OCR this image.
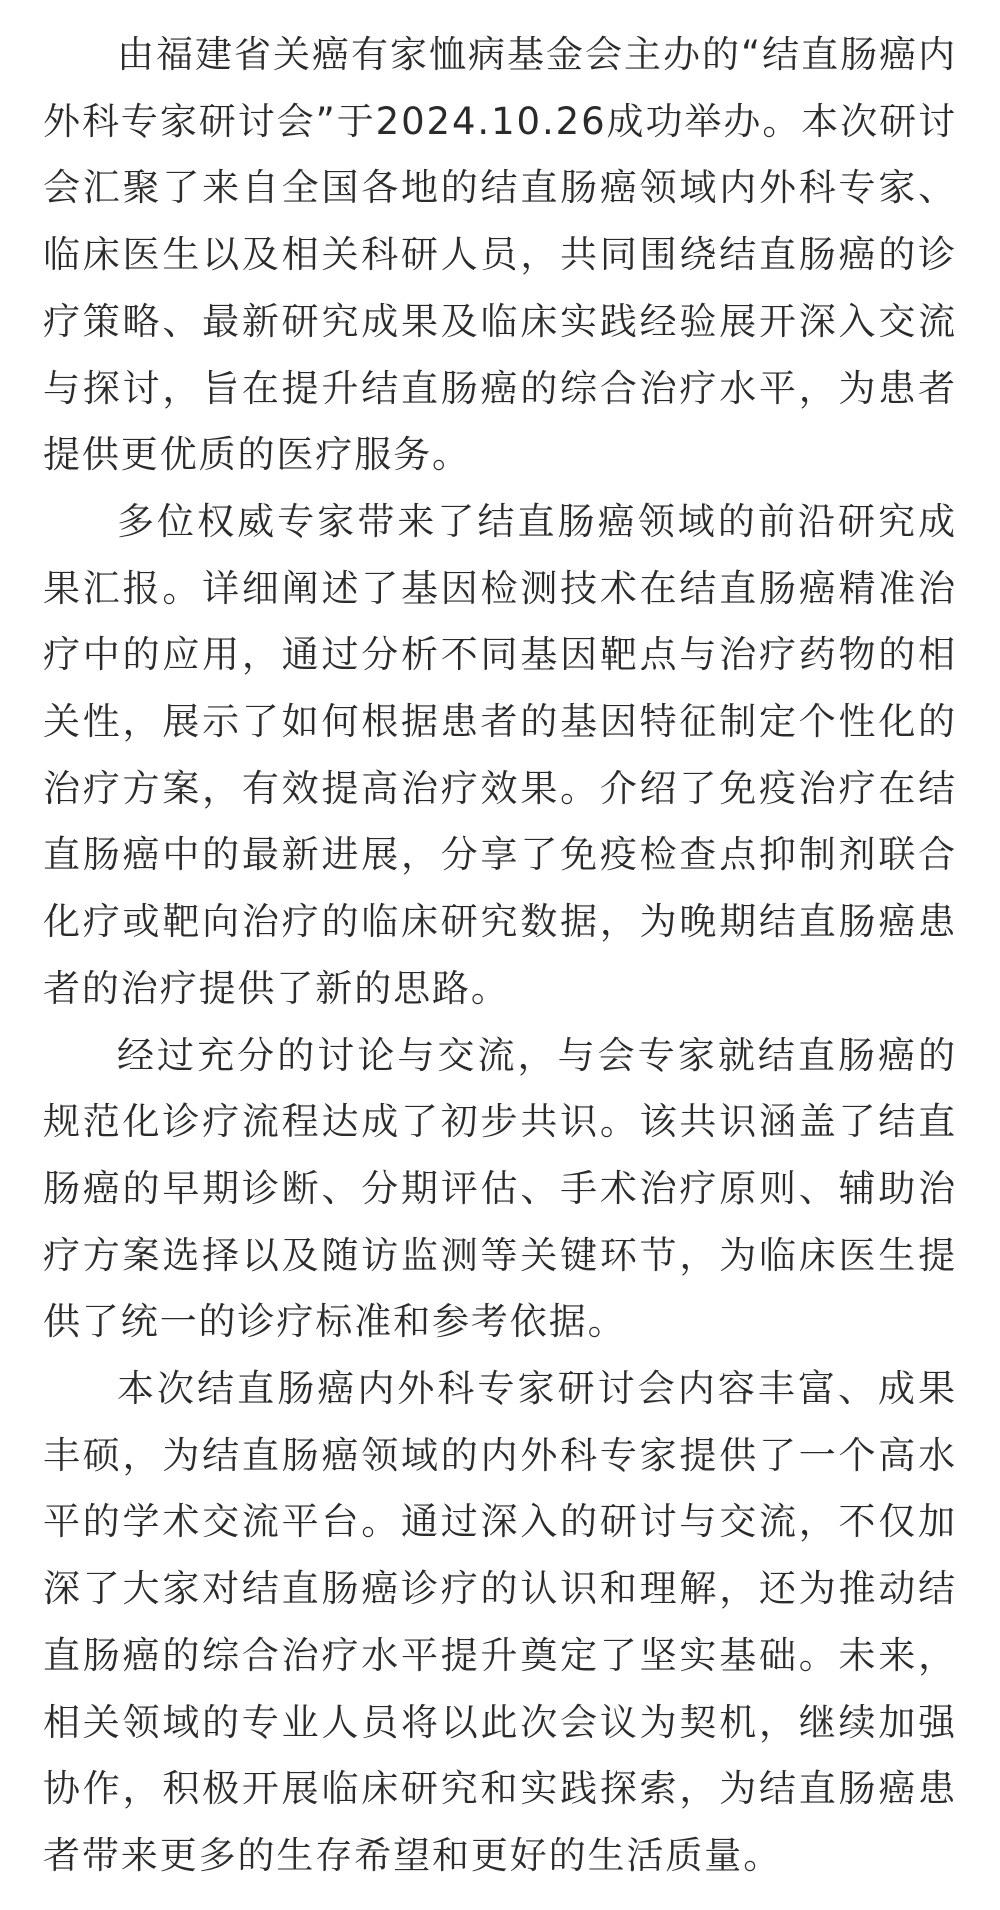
由福建省关癌有家恤病基金会主办的“结直肠癌内外科专家研讨会”于2024.10.26成功举办。本次研讨会汇聚了来自全国各地的结直肠癌领域内外科专家、临床医生以及相关科研人员，共同围绕结直肠癌的诊疗策略、最新研究成果及临床实践经验展开深入交流与探讨，旨在提升结直肠癌的综合治疗水平，为患者提供更优质的医疗服务。

多位权威专家带来了结直肠癌领域的前沿研究成果汇报。详细阐述了基因检测技术在结直肠癌精准治疗中的应用，通过分析不同基因靶点与治疗药物的相关性，展示了如何根据患者的基因特征制定个性化的治疗方案，有效提高治疗效果。介绍了免疫治疗在结直肠癌中的最新进展，分享了免疫检查点抑制剂联合化疗或靶向治疗的临床研究数据，为晚期结直肠癌患者的治疗提供了新的思路。

经过充分的讨论与交流，与会专家就结直肠癌的规范化诊疗流程达成了初步共识。该共识涵盖了结直肠癌的早期诊断、分期评估、手术治疗原则、辅助治疗方案选择以及随访监测等关键环节，为临床医生提供了统一的诊疗标准和参考依据。

本次结直肠癌内外科专家研讨会内容丰富、成果丰硕，为结直肠癌领域的内外科专家提供了一个高水平的学术交流平台。通过深入的研讨与交流，不仅加深了大家对结直肠癌诊疗的认识和理解，还为推动结直肠癌的综合治疗水平提升奠定了坚实基础。未来，相关领域的专业人员将以此次会议为契机，继续加强协作，积极开展临床研究和实践探索，为结直肠癌患者带来更多的生存希望和更好的生活质量。
